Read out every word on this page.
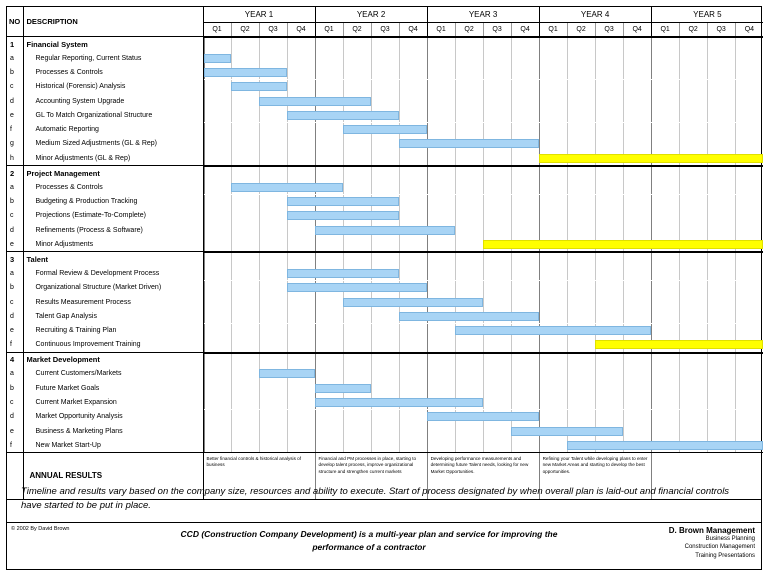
NO	DESCRIPTION	YEAR 1	YEAR 2	YEAR 3	YEAR 4	YEAR 5
Q1	Q2	Q3	Q4	Q1	Q2	Q3	Q4	Q1	Q2	Q3	Q4	Q1	Q2	Q3	Q4	Q1	Q2	Q3	Q4
1	Financial System	

a	Regular Reporting, Current Status	

b	Processes & Controls	

c	Historical (Forensic) Analysis	

d	Accounting System Upgrade	

e	GL To Match Organizational Structure	

f	Automatic Reporting	

g	Medium Sized Adjustments (GL & Rep)	

h	Minor Adjustments (GL & Rep)	

2	Project Management	

a	Processes & Controls	

b	Budgeting & Production Tracking	

c	Projections (Estimate-To-Complete)	

d	Refinements (Process & Software)	

e	Minor Adjustments	

3	Talent	

a	Formal Review & Development Process	

b	Organizational Structure (Market Driven)	

c	Results Measurement Process	

d	Talent Gap Analysis	

e	Recruiting & Training Plan	

f	Continuous Improvement Training	

4	Market Development	

a	Current Customers/Markets	

b	Future Market Goals	

c	Current Market Expansion	

d	Market Opportunity Analysis	

e	Business & Marketing Plans	

f	New Market Start-Up	

	ANNUAL RESULTS	Better financial controls & historical analysis of business	Financial and PM processes in place, starting to develop talent process, improve organizational structure and strengthen current markets	Developing performance measurements and determining future Talent needs, looking for new Market Opportunities.	Refining your Talent while developing plans to enter new Market Areas and starting to develop the best opportunities.	
Timeline and results vary based on the company size, resources and ability to execute. Start of process designated by when overall plan is laid-out and financial controls have started to be put in place.
© 2002 By David Brown	CCD (Construction Company Development) is a multi-year plan and service for improving the
performance of a contractor
D. Brown Management
Business Planning
Construction Management
Training Presentations
